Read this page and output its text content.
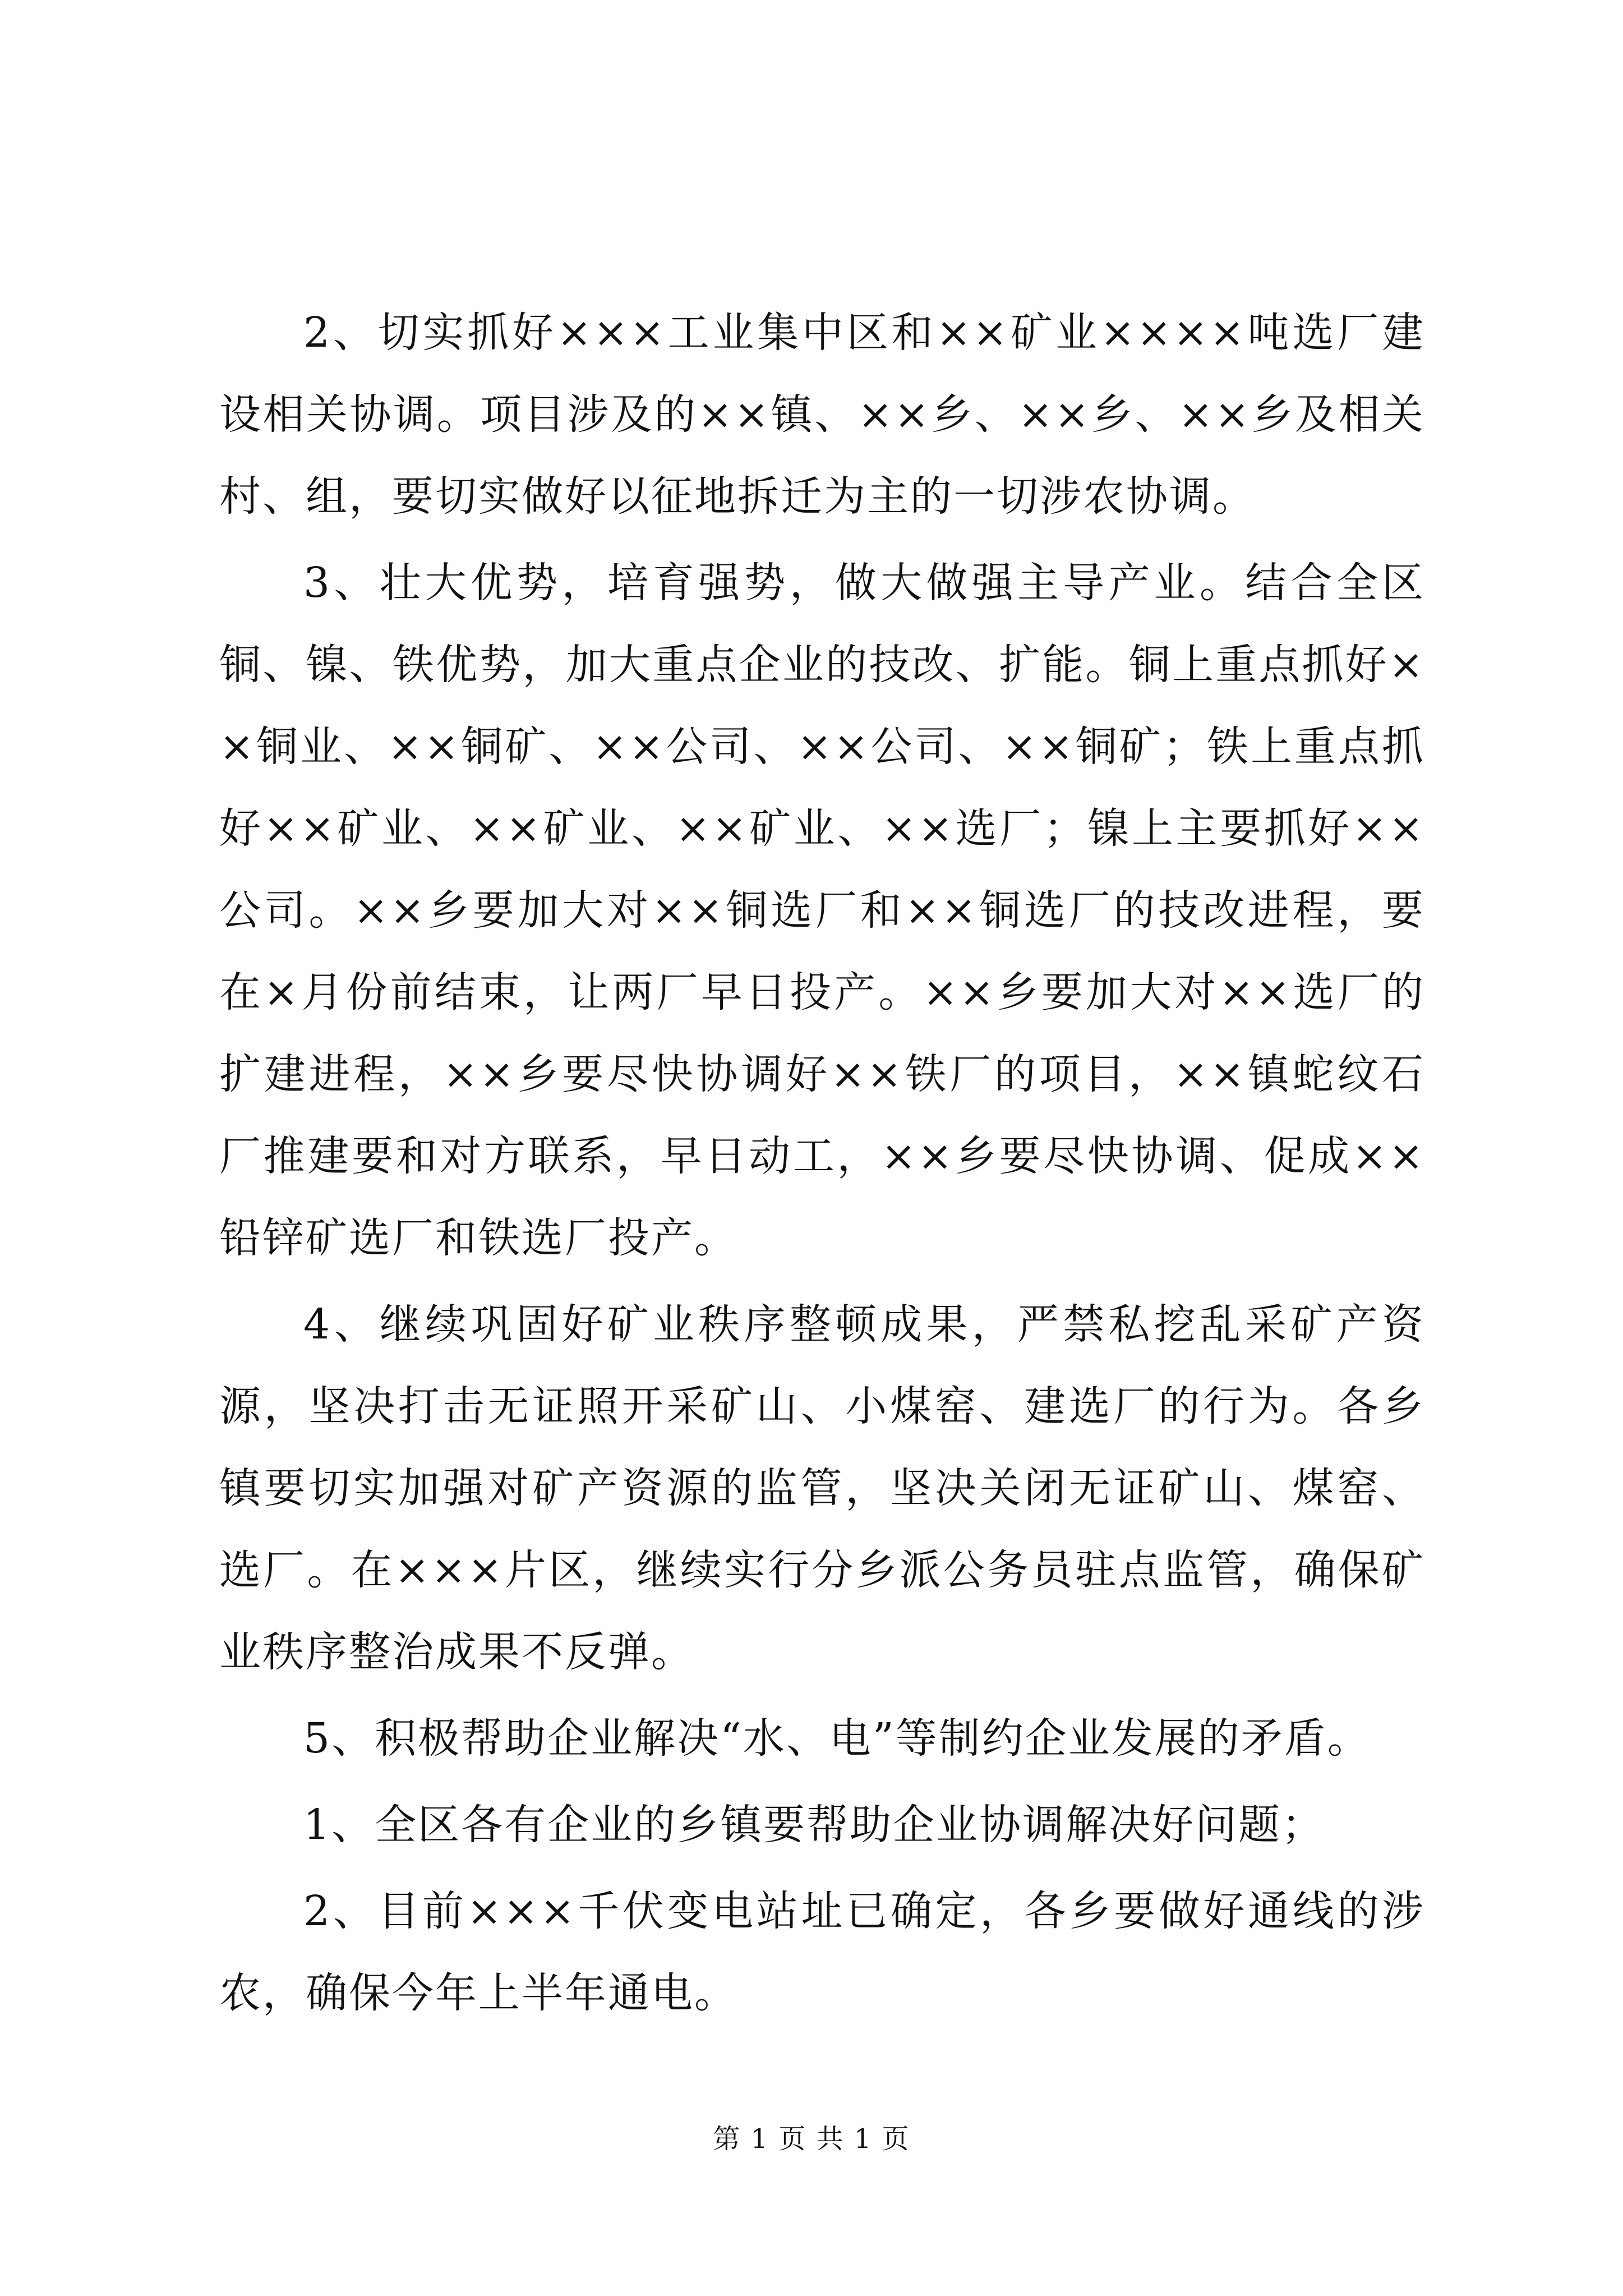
2、切实抓好×××工业集中区和××矿业××××吨选厂建设相关协调。项目涉及的××镇、××乡、××乡、××乡及相关村、组，要切实做好以征地拆迁为主的一切涉农协调。

3、壮大优势，培育强势，做大做强主导产业。结合全区铜、镍、铁优势，加大重点企业的技改、扩能。铜上重点抓好××铜业、××铜矿、××公司、××公司、××铜矿；铁上重点抓好××矿业、××矿业、××矿业、××选厂；镍上主要抓好××公司。××乡要加大对××铜选厂和××铜选厂的技改进程，要在×月份前结束，让两厂早日投产。××乡要加大对××选厂的扩建进程，××乡要尽快协调好××铁厂的项目，××镇蛇纹石厂推建要和对方联系，早日动工，××乡要尽快协调、促成××铅锌矿选厂和铁选厂投产。

4、继续巩固好矿业秩序整顿成果，严禁私挖乱采矿产资源，坚决打击无证照开采矿山、小煤窑、建选厂的行为。各乡镇要切实加强对矿产资源的监管，坚决关闭无证矿山、煤窑、选厂。在×××片区，继续实行分乡派公务员驻点监管，确保矿业秩序整治成果不反弹。

5、积极帮助企业解决“水、电”等制约企业发展的矛盾。

1、全区各有企业的乡镇要帮助企业协调解决好问题；

2、目前×××千伏变电站址已确定，各乡要做好通线的涉农，确保今年上半年通电。

第 1 页 共 1 页
